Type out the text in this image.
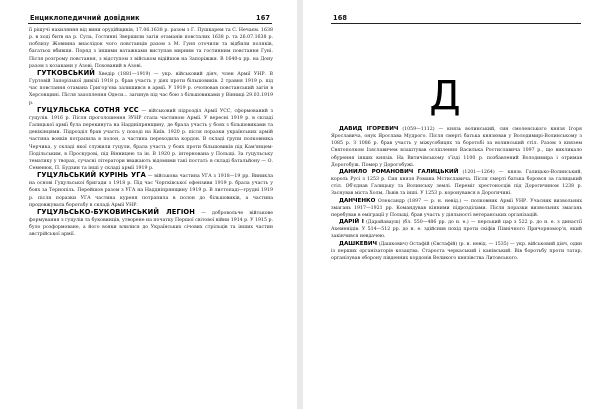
Енциклопедичний довідник	167
її рішучі нахиляння від вини орудійщиків, 17.06.1638 р. разом з Г. Пушкарем та С. Нечаєм. 1638 р. в ході битв на р. Сула, Гостинні Звершили загін отаманів повсталих 1638 р. та 26.07.1638 р. поблизу Жовнина внаслідок чого повстанців разом з М. Гуня оточили та відбили поляків, багатьох вбивши. Поряд з іншими ватажками виступав мирним та гостинним повстання Гуні. Після розгрому повстання, з відступом з військом відійшов на Запоріжжя. В 1640-х рр. на Дону разом з козаками у Азові. Похований в Азові.
ГУТКОВСЬКИЙ Хведір (1881—1919) — укр. військовий діяч, член Армії УНР. В Гуртовій Запорізької дивізії 1918 р. брав участь у діях проти більшовиків. 2 травня 1919 р. під час повстання отамана Григор'єва залишився в армії. У 1919 р. очолював повстанський загін в Херсонщині. Після захоплення Одеси... загинув під час бою з більшовиками у Вінниці 29.03.1919 р.
ГУЦУЛЬСЬКА СОТНЯ УСС — військовий підрозділ Армії УСС, сформований з гуцулів. 1916 р. Після проголошення ЗУНР стала частиною Армії. У вересні 1919 р. в складі Галицької армії була перекинута на Наддніпрянщину, де брала участь у боях з більшовиками та денікінцями. Підрозділ брав участь у поході на Київ. 1920 р. після поразки українських армій частина вояків потрапила в полон, а частина переходила кордон. В складі групи полковника Черчика, у складі якої служили гуцули, брала участь у боях проти більшовиків під Кам'янцем-Подільським, в Проскурові, під Вінницею та ін. В 1920 р. інтернована у Польщі. За гуцульську тематику у творах, сучасні літератори вважають відомими такі постаті: в складі батальйону — О. Семенюк, П. Будзин та інші у складі армії 1919 р.
ГУЦУЛЬСЬКИЙ КУРІНЬ УГА — військова частина УГА з 1918—19 рр. Виникла на основі Гуцульської бригади з 1918 р. Під час Чортківської офензиви 1919 р. брала участь у боях за Тернопіль. Перейшов разом з УГА на Наддніпрянщину 1919 р. В листопаді—грудні 1919 р. після поразки УГА частина куреня потрапила в полон до більшовиків, а частина продовжувала боротьбу в складі Армії УНР.
ГУЦУЛЬСЬКО-БУКОВИНСЬКИЙ ЛЕГІОН — добровольче військове формування з гуцулів та буковинців, утворене на початку Першої світової війни 1914 р. У 1915 р. було розформоване, а його вояки влилися до Українських січових стрільців та інших частин австрійської армії.
168
Д
ДАВИД ІГОРЕВИЧ (1059—1112) — князь волинський, син смоленського князя Ігоря Ярославича, онук Ярослава Мудрого. Після смерті батька князював у Володимирі-Волинському з 1085 р. З 1086 р. брав участь у міжусобицях та боротьбі за волинський стіл. Разом з князем Святополком Ізяславичем влаштував осліплення Василька Ростиславича 1097 р., що викликало обурення інших князів. На Витичівському з'їзді 1100 р. позбавлений Володимира і отримав Дорогобуж. Помер у Дорогобужі.
ДАНИЛО РОМАНОВИЧ ГАЛИЦЬКИЙ (1201—1264) — князь Галицько-Волинський, король Русі з 1253 р. Син князя Романа Мстиславича. Після смерті батька боровся за галицький стіл. Об'єднав Галицьку та Волинську землі. Переміг хрестоносців під Дорогичином 1238 р. Заснував міста Холм, Львів та інші. У 1253 р. коронувався в Дорогичині.
ДАНЧЕНКО Олександр (1897 — р. н. невід.) — полковник Армії УНР. Учасник визвольних змагань 1917—1921 рр. Командував кінними підрозділами. Після поразки визвольних змагань перебував в еміграції у Польщі, брав участь у діяльності ветеранських організацій.
ДАРІЙ І (Дарайавауш) (бл. 550—486 рр. до н. е.) — перський цар з 522 р. до н. е. з династії Ахеменідів. У 514—512 рр. до н. е. здійснив похід проти скіфів Північного Причорномор'я, який закінчився невдачею.
ДАШКЕВИЧ (Дашкович) Остафій (Євстафій) (р. н. невід. — 1535) — укр. військовий діяч, один із перших організаторів козацтва. Староста черкаський і канівський. Вів боротьбу проти татар, організував оборону південних кордонів Великого князівства Литовського.
